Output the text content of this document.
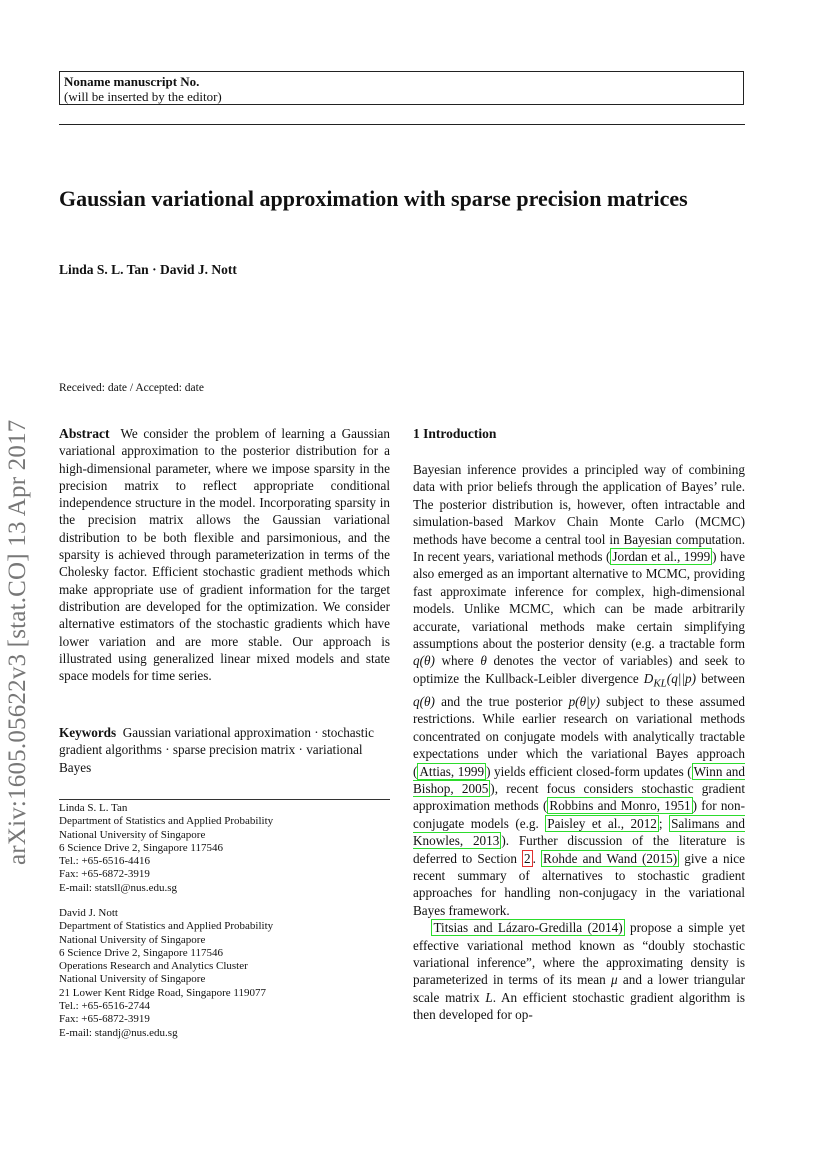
Noname manuscript No.
(will be inserted by the editor)
Gaussian variational approximation with sparse precision matrices
Linda S. L. Tan · David J. Nott
arXiv:1605.05622v3 [stat.CO] 13 Apr 2017
Received: date / Accepted: date
Abstract We consider the problem of learning a Gaussian variational approximation to the posterior distribution for a high-dimensional parameter, where we impose sparsity in the precision matrix to reflect appropriate conditional independence structure in the model. Incorporating sparsity in the precision matrix allows the Gaussian variational distribution to be both flexible and parsimonious, and the sparsity is achieved through parameterization in terms of the Cholesky factor. Efficient stochastic gradient methods which make appropriate use of gradient information for the target distribution are developed for the optimization. We consider alternative estimators of the stochastic gradients which have lower variation and are more stable. Our approach is illustrated using generalized linear mixed models and state space models for time series.
Keywords Gaussian variational approximation · stochastic gradient algorithms · sparse precision matrix · variational Bayes
Linda S. L. Tan
Department of Statistics and Applied Probability
National University of Singapore
6 Science Drive 2, Singapore 117546
Tel.: +65-6516-4416
Fax: +65-6872-3919
E-mail: statsll@nus.edu.sg
David J. Nott
Department of Statistics and Applied Probability
National University of Singapore
6 Science Drive 2, Singapore 117546
Operations Research and Analytics Cluster
National University of Singapore
21 Lower Kent Ridge Road, Singapore 119077
Tel.: +65-6516-2744
Fax: +65-6872-3919
E-mail: standj@nus.edu.sg
1 Introduction

Bayesian inference provides a principled way of combining data with prior beliefs through the application of Bayes’ rule. The posterior distribution is, however, often intractable and simulation-based Markov Chain Monte Carlo (MCMC) methods have become a central tool in Bayesian computation. In recent years, variational methods ( Jordan et al., 1999 ) have also emerged as an important alternative to MCMC, providing fast approximate inference for complex, high-dimensional models. Unlike MCMC, which can be made arbitrarily accurate, variational methods make certain simplifying assumptions about the posterior density (e.g. a tractable form q(θ) where θ denotes the vector of variables) and seek to optimize the Kullback-Leibler divergence $D_{KL}(q||p)$ between q(θ) and the true posterior p(θ|y) subject to these assumed restrictions. While earlier research on variational methods concentrated on conjugate models with analytically tractable expectations under which the variational Bayes approach ( Attias, 1999 ) yields efficient closed-form updates ( Winn and Bishop, 2005 ), recent focus considers stochastic gradient approximation methods ( Robbins and Monro, 1951 ) for non-conjugate models (e.g. Paisley et al., 2012 ; Salimans and Knowles, 2013 ). Further discussion of the literature is deferred to Section 2 . Rohde and Wand (2015) give a nice recent summary of alternatives to stochastic gradient approaches for handling non-conjugacy in the variational Bayes framework.

Titsias and Lázaro-Gredilla (2014) propose a simple yet effective variational method known as “doubly stochastic variational inference”, where the approximating density is parameterized in terms of its mean μ and a lower triangular scale matrix L. An efficient stochastic gradient algorithm is then developed for op-
